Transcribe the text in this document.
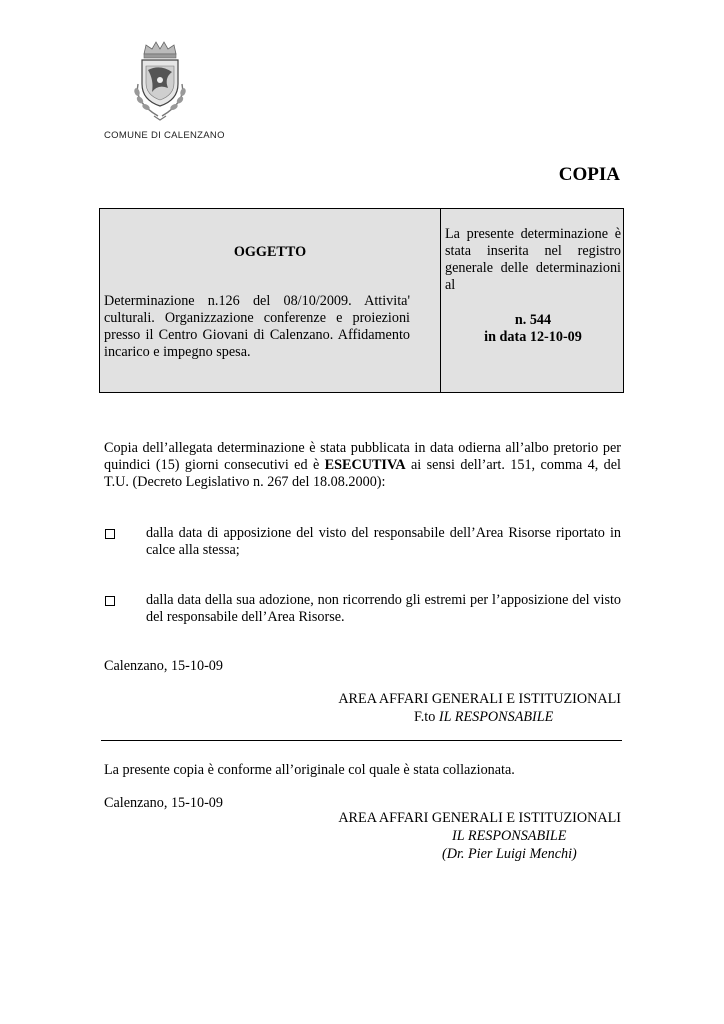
COMUNE DI CALENZANO
COPIA
OGGETTO
Determinazione n.126 del 08/10/2009. Attivita' culturali. Organizzazione conferenze e proiezioni presso il Centro Giovani di Calenzano. Affidamento incarico e impegno spesa.
La presente determinazione è stata inserita nel registro generale delle determinazioni al
n. 544
in data 12-10-09
Copia dell’allegata determinazione è stata pubblicata in data odierna all’albo pretorio per quindici (15) giorni consecutivi ed è ESECUTIVA ai sensi dell’art. 151, comma 4, del T.U. (Decreto Legislativo n. 267 del 18.08.2000):
dalla data di apposizione del visto del responsabile dell’Area Risorse riportato in calce alla stessa;
dalla data della sua adozione, non ricorrendo gli estremi per l’apposizione del visto del responsabile dell’Area Risorse.
Calenzano, 15-10-09
AREA AFFARI GENERALI E ISTITUZIONALI
F.to IL RESPONSABILE
La presente copia è conforme all’originale col quale è stata collazionata.
Calenzano, 15-10-09
AREA AFFARI GENERALI E ISTITUZIONALI
IL RESPONSABILE
(Dr. Pier Luigi Menchi)
